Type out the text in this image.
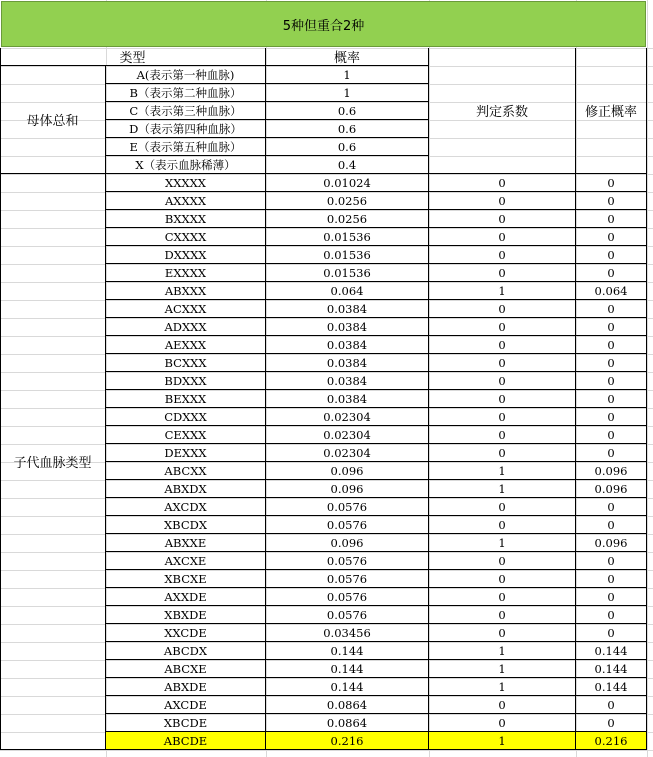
5种但重合2种
类型	概率
判定系数	修正概率
母体总和
A(表示第一种血脉)	1
B（表示第二种血脉）	1
C（表示第三种血脉）	0.6
D（表示第四种血脉）	0.6
E（表示第五种血脉）	0.6
X（表示血脉稀薄）	0.4
子代血脉类型
XXXXX	0.01024	0	0
AXXXX	0.0256	0	0
BXXXX	0.0256	0	0
CXXXX	0.01536	0	0
DXXXX	0.01536	0	0
EXXXX	0.01536	0	0
ABXXX	0.064	1	0.064
ACXXX	0.0384	0	0
ADXXX	0.0384	0	0
AEXXX	0.0384	0	0
BCXXX	0.0384	0	0
BDXXX	0.0384	0	0
BEXXX	0.0384	0	0
CDXXX	0.02304	0	0
CEXXX	0.02304	0	0
DEXXX	0.02304	0	0
ABCXX	0.096	1	0.096
ABXDX	0.096	1	0.096
AXCDX	0.0576	0	0
XBCDX	0.0576	0	0
ABXXE	0.096	1	0.096
AXCXE	0.0576	0	0
XBCXE	0.0576	0	0
AXXDE	0.0576	0	0
XBXDE	0.0576	0	0
XXCDE	0.03456	0	0
ABCDX	0.144	1	0.144
ABCXE	0.144	1	0.144
ABXDE	0.144	1	0.144
AXCDE	0.0864	0	0
XBCDE	0.0864	0	0
ABCDE	0.216	1	0.216
